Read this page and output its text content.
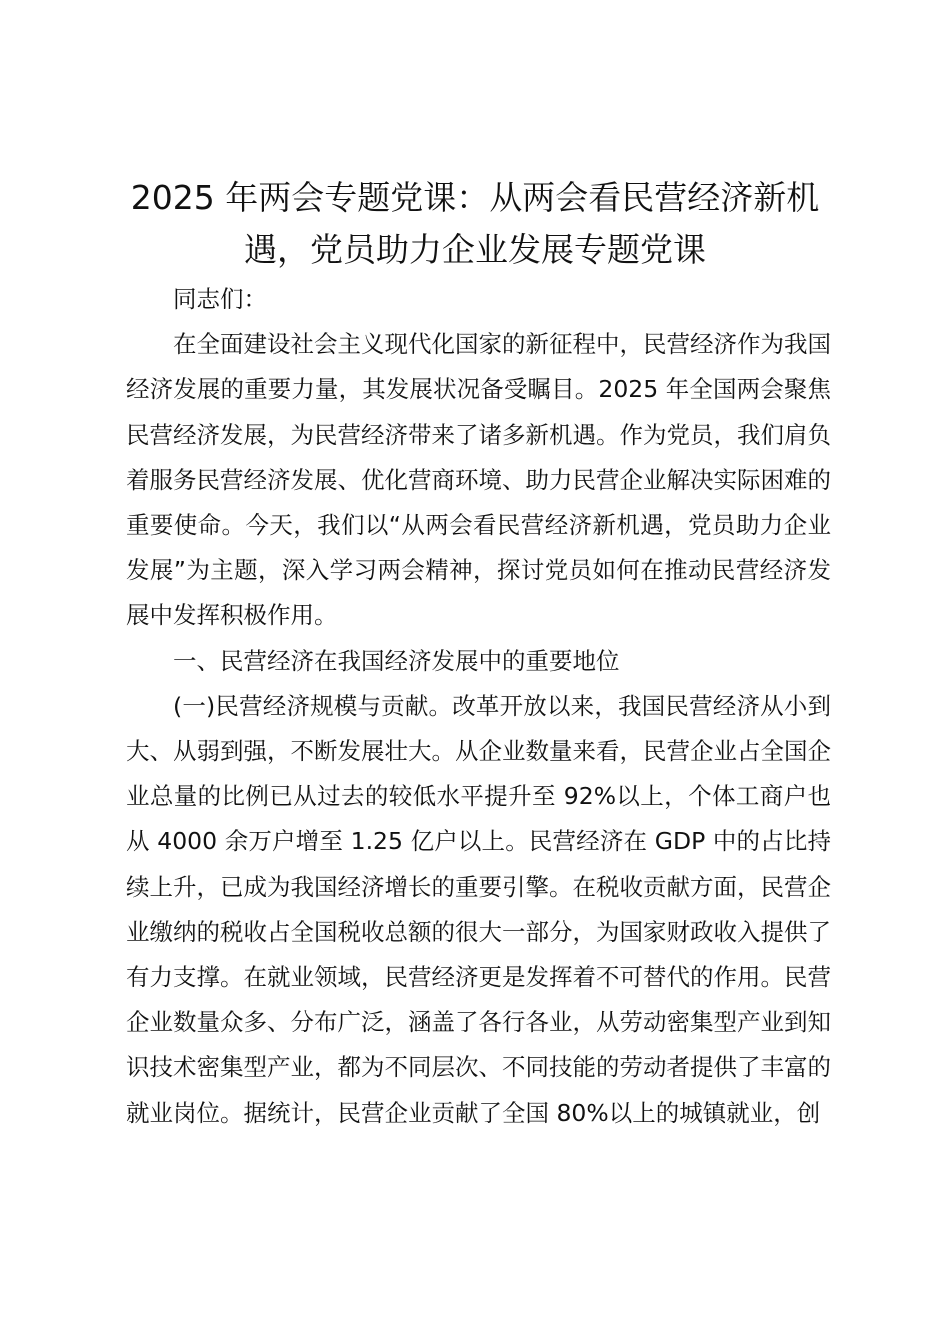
2025 年两会专题党课：从两会看民营经济新机遇，党员助力企业发展专题党课

同志们：

在全面建设社会主义现代化国家的新征程中，民营经济作为我国经济发展的重要力量，其发展状况备受瞩目。2025 年全国两会聚焦民营经济发展，为民营经济带来了诸多新机遇。作为党员，我们肩负着服务民营经济发展、优化营商环境、助力民营企业解决实际困难的重要使命。今天，我们以“从两会看民营经济新机遇，党员助力企业发展”为主题，深入学习两会精神，探讨党员如何在推动民营经济发展中发挥积极作用。

一、民营经济在我国经济发展中的重要地位

(一)民营经济规模与贡献。改革开放以来，我国民营经济从小到大、从弱到强，不断发展壮大。从企业数量来看，民营企业占全国企业总量的比例已从过去的较低水平提升至 92%以上，个体工商户也从 4000 余万户增至 1.25 亿户以上。民营经济在 GDP 中的占比持续上升，已成为我国经济增长的重要引擎。在税收贡献方面，民营企业缴纳的税收占全国税收总额的很大一部分，为国家财政收入提供了有力支撑。在就业领域，民营经济更是发挥着不可替代的作用。民营企业数量众多、分布广泛，涵盖了各行各业，从劳动密集型产业到知识技术密集型产业，都为不同层次、不同技能的劳动者提供了丰富的就业岗位。据统计，民营企业贡献了全国 80%以上的城镇就业，创
